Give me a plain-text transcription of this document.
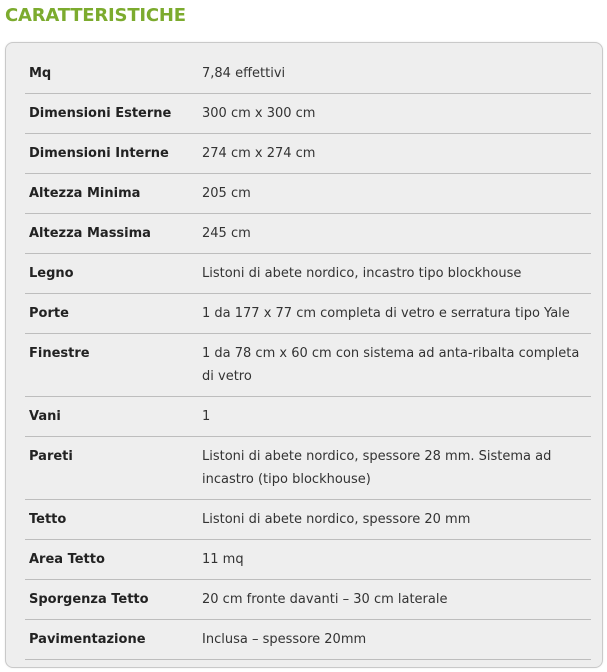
CARATTERISTICHE
Mq	7,84 effettivi
Dimensioni Esterne	300 cm x 300 cm
Dimensioni Interne	274 cm x 274 cm
Altezza Minima	205 cm
Altezza Massima	245 cm
Legno	Listoni di abete nordico, incastro tipo blockhouse
Porte	1 da 177 x 77 cm completa di vetro e serratura tipo Yale
Finestre	1 da 78 cm x 60 cm con sistema ad anta-ribalta completa di vetro
Vani	1
Pareti	Listoni di abete nordico, spessore 28 mm. Sistema ad incastro (tipo blockhouse)
Tetto	Listoni di abete nordico, spessore 20 mm
Area Tetto	11 mq
Sporgenza Tetto	20 cm fronte davanti – 30 cm laterale
Pavimentazione	Inclusa – spessore 20mm
